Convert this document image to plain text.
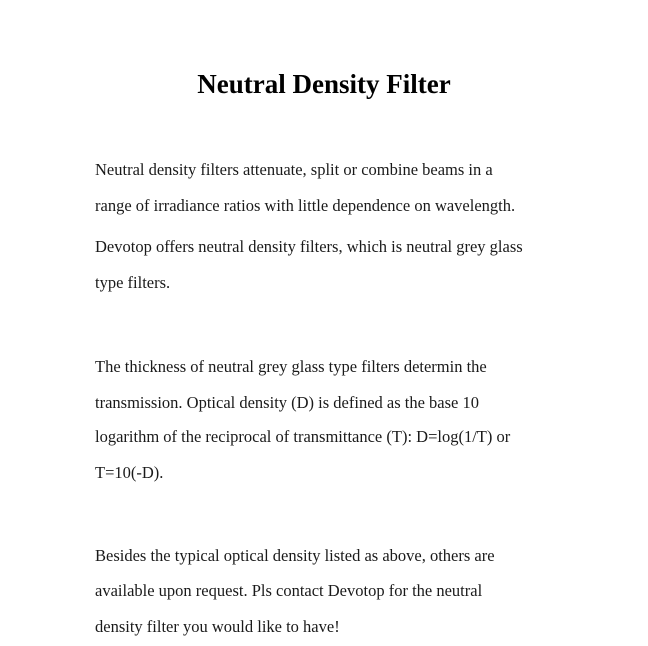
Neutral Density Filter

Neutral density filters attenuate, split or combine beams in a

range of irradiance ratios with little dependence on wavelength.

Devotop offers neutral density filters, which is neutral grey glass

type filters.

The thickness of neutral grey glass type filters determin the

transmission. Optical density (D) is defined as the base 10

logarithm of the reciprocal of transmittance (T): D=log(1/T) or

T=10(-D).

Besides the typical optical density listed as above, others are

available upon request. Pls contact Devotop for the neutral

density filter you would like to have!
